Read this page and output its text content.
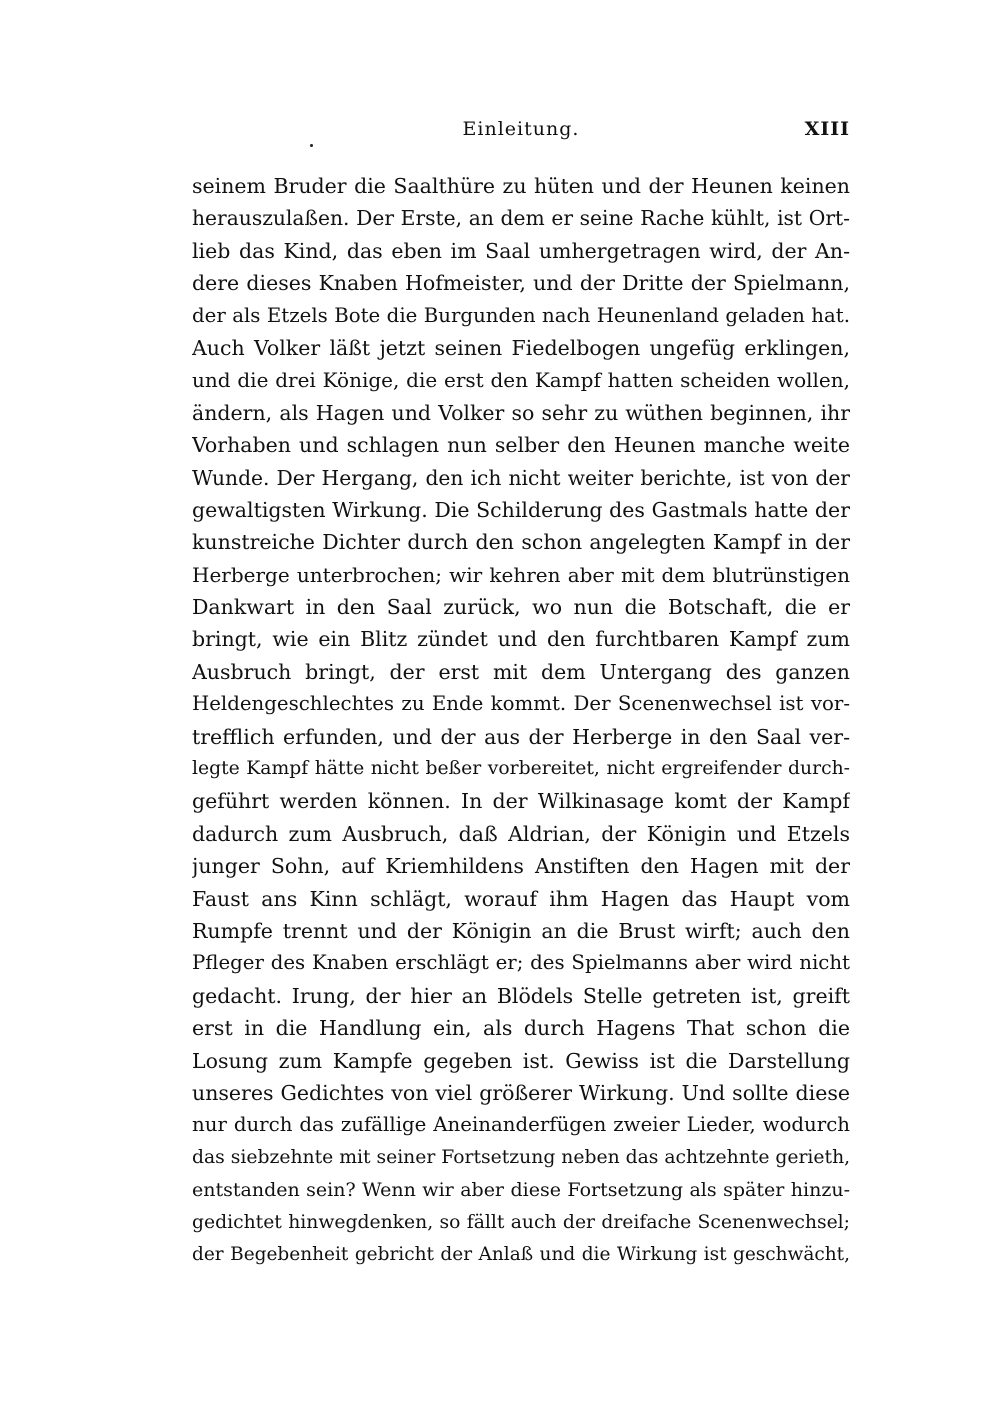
Einleitung.	XIII
seinem Bruder die Saalthüre zu hüten und der Heunen keinen
herauszulaßen. Der Erste, an dem er seine Rache kühlt, ist Ort-
lieb das Kind, das eben im Saal umhergetragen wird, der An-
dere dieses Knaben Hofmeister, und der Dritte der Spielmann,
der als Etzels Bote die Burgunden nach Heunenland geladen hat.
Auch Volker läßt jetzt seinen Fiedelbogen ungefüg erklingen,
und die drei Könige, die erst den Kampf hatten scheiden wollen,
ändern, als Hagen und Volker so sehr zu wüthen beginnen, ihr
Vorhaben und schlagen nun selber den Heunen manche weite
Wunde. Der Hergang, den ich nicht weiter berichte, ist von der
gewaltigsten Wirkung. Die Schilderung des Gastmals hatte der
kunstreiche Dichter durch den schon angelegten Kampf in der
Herberge unterbrochen; wir kehren aber mit dem blutrünstigen
Dankwart in den Saal zurück, wo nun die Botschaft, die er
bringt, wie ein Blitz zündet und den furchtbaren Kampf zum
Ausbruch bringt, der erst mit dem Untergang des ganzen
Heldengeschlechtes zu Ende kommt. Der Scenenwechsel ist vor-
trefflich erfunden, und der aus der Herberge in den Saal ver-
legte Kampf hätte nicht beßer vorbereitet, nicht ergreifender durch-
geführt werden können. In der Wilkinasage komt der Kampf
dadurch zum Ausbruch, daß Aldrian, der Königin und Etzels
junger Sohn, auf Kriemhildens Anstiften den Hagen mit der
Faust ans Kinn schlägt, worauf ihm Hagen das Haupt vom
Rumpfe trennt und der Königin an die Brust wirft; auch den
Pfleger des Knaben erschlägt er; des Spielmanns aber wird nicht
gedacht. Irung, der hier an Blödels Stelle getreten ist, greift
erst in die Handlung ein, als durch Hagens That schon die
Losung zum Kampfe gegeben ist. Gewiss ist die Darstellung
unseres Gedichtes von viel größerer Wirkung. Und sollte diese
nur durch das zufällige Aneinanderfügen zweier Lieder, wodurch
das siebzehnte mit seiner Fortsetzung neben das achtzehnte gerieth,
entstanden sein? Wenn wir aber diese Fortsetzung als später hinzu-
gedichtet hinwegdenken, so fällt auch der dreifache Scenenwechsel;
der Begebenheit gebricht der Anlaß und die Wirkung ist geschwächt,
